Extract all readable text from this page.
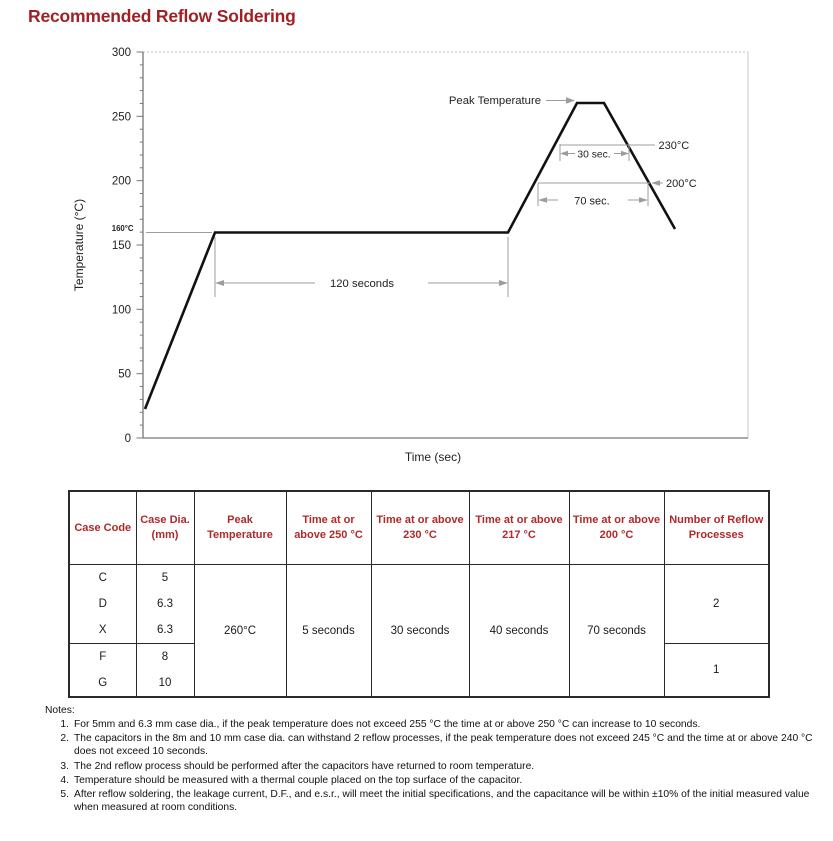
Recommended Reflow Soldering
300
250
200
150
100
50
0
160°C
Temperature (°C)
Time (sec)
120 seconds
Peak Temperature
30 sec.
230°C
70 sec.
200°C
Case Code	Case Dia. (mm)	Peak Temperature	Time at or above 250 °C	Time at or above 230 °C	Time at or above 217 °C	Time at or above 200 °C	Number of Reflow Processes
C	5	260°C	5 seconds	30 seconds	40 seconds	70 seconds	2
D	6.3						
X	6.3						
F	8						1
G	10						
Notes:
1. For 5mm and 6.3 mm case dia., if the peak temperature does not exceed 255 °C the time at or above 250 °C can increase to 10 seconds.
2. The capacitors in the 8m and 10 mm case dia. can withstand 2 reflow processes, if the peak temperature does not exceed 245 °C and the time at or above 240 °C does not exceed 10 seconds.
3. The 2nd reflow process should be performed after the capacitors have returned to room temperature.
4. Temperature should be measured with a thermal couple placed on the top surface of the capacitor.
5. After reflow soldering, the leakage current, D.F., and e.s.r., will meet the initial specifications, and the capacitance will be within ±10% of the initial measured value when measured at room conditions.
